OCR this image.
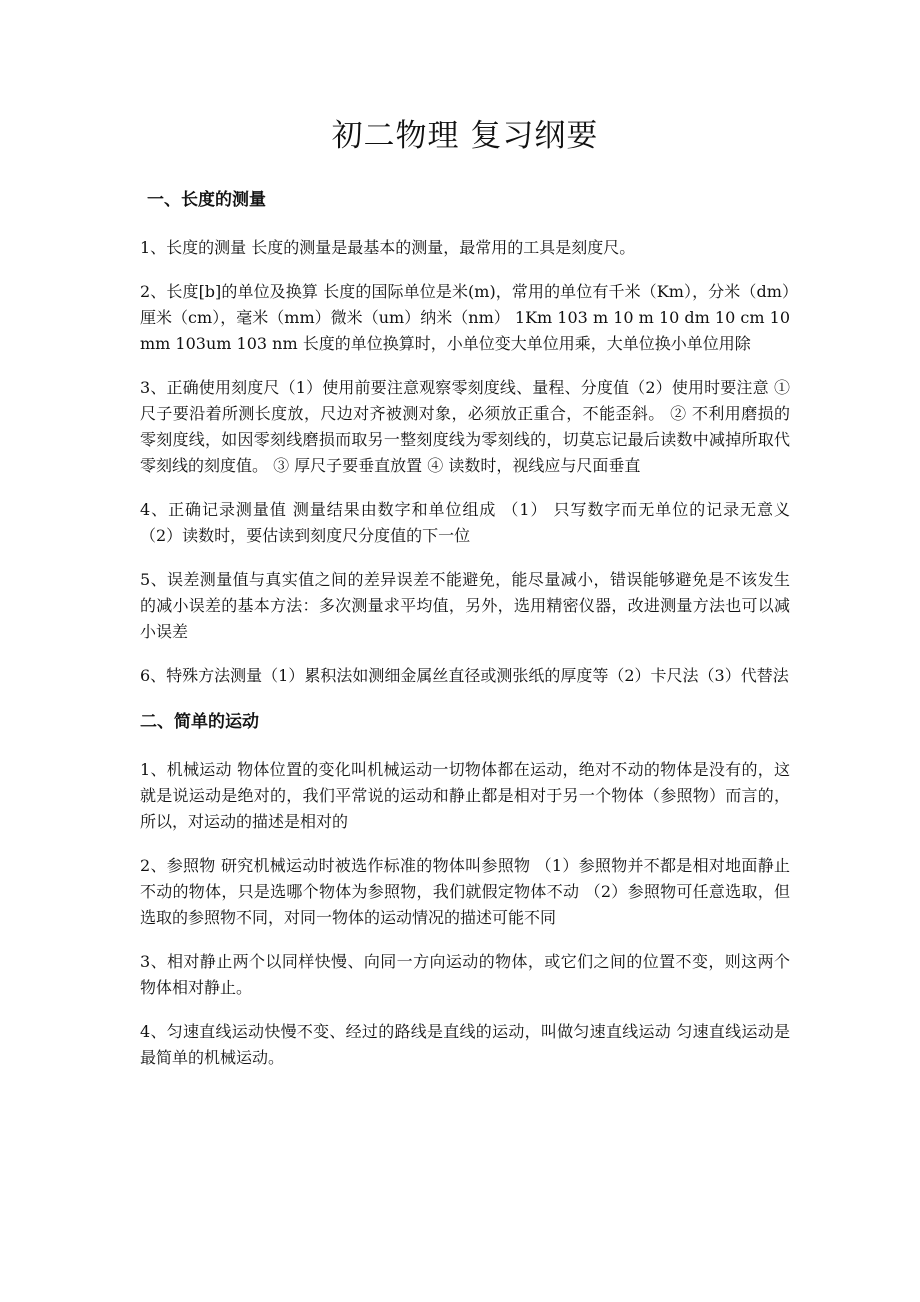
初二物理 复习纲要
一、长度的测量

1、长度的测量 长度的测量是最基本的测量，最常用的工具是刻度尺。

2、长度[b]的单位及换算 长度的国际单位是米(m)，常用的单位有千米（Km），分米（dm）厘米（cm），毫米（mm）微米（um）纳米（nm） 1Km 103 m 10 m 10 dm 10 cm 10 mm 103um 103 nm 长度的单位换算时，小单位变大单位用乘，大单位换小单位用除

3、正确使用刻度尺（1）使用前要注意观察零刻度线、量程、分度值（2）使用时要注意 ① 尺子要沿着所测长度放，尺边对齐被测对象，必须放正重合，不能歪斜。 ② 不利用磨损的零刻度线，如因零刻线磨损而取另一整刻度线为零刻线的，切莫忘记最后读数中减掉所取代零刻线的刻度值。 ③ 厚尺子要垂直放置 ④ 读数时，视线应与尺面垂直

4、正确记录测量值 测量结果由数字和单位组成 （1） 只写数字而无单位的记录无意义 （2）读数时，要估读到刻度尺分度值的下一位

5、误差测量值与真实值之间的差异误差不能避免，能尽量减小，错误能够避免是不该发生的减小误差的基本方法：多次测量求平均值，另外，选用精密仪器，改进测量方法也可以减小误差

6、特殊方法测量（1）累积法如测细金属丝直径或测张纸的厚度等（2）卡尺法（3）代替法

二、简单的运动

1、机械运动 物体位置的变化叫机械运动一切物体都在运动，绝对不动的物体是没有的，这就是说运动是绝对的，我们平常说的运动和静止都是相对于另一个物体（参照物）而言的，所以，对运动的描述是相对的

2、参照物 研究机械运动时被选作标准的物体叫参照物 （1）参照物并不都是相对地面静止不动的物体，只是选哪个物体为参照物，我们就假定物体不动 （2）参照物可任意选取，但选取的参照物不同，对同一物体的运动情况的描述可能不同

3、相对静止两个以同样快慢、向同一方向运动的物体，或它们之间的位置不变，则这两个物体相对静止。

4、匀速直线运动快慢不变、经过的路线是直线的运动，叫做匀速直线运动 匀速直线运动是最简单的机械运动。
